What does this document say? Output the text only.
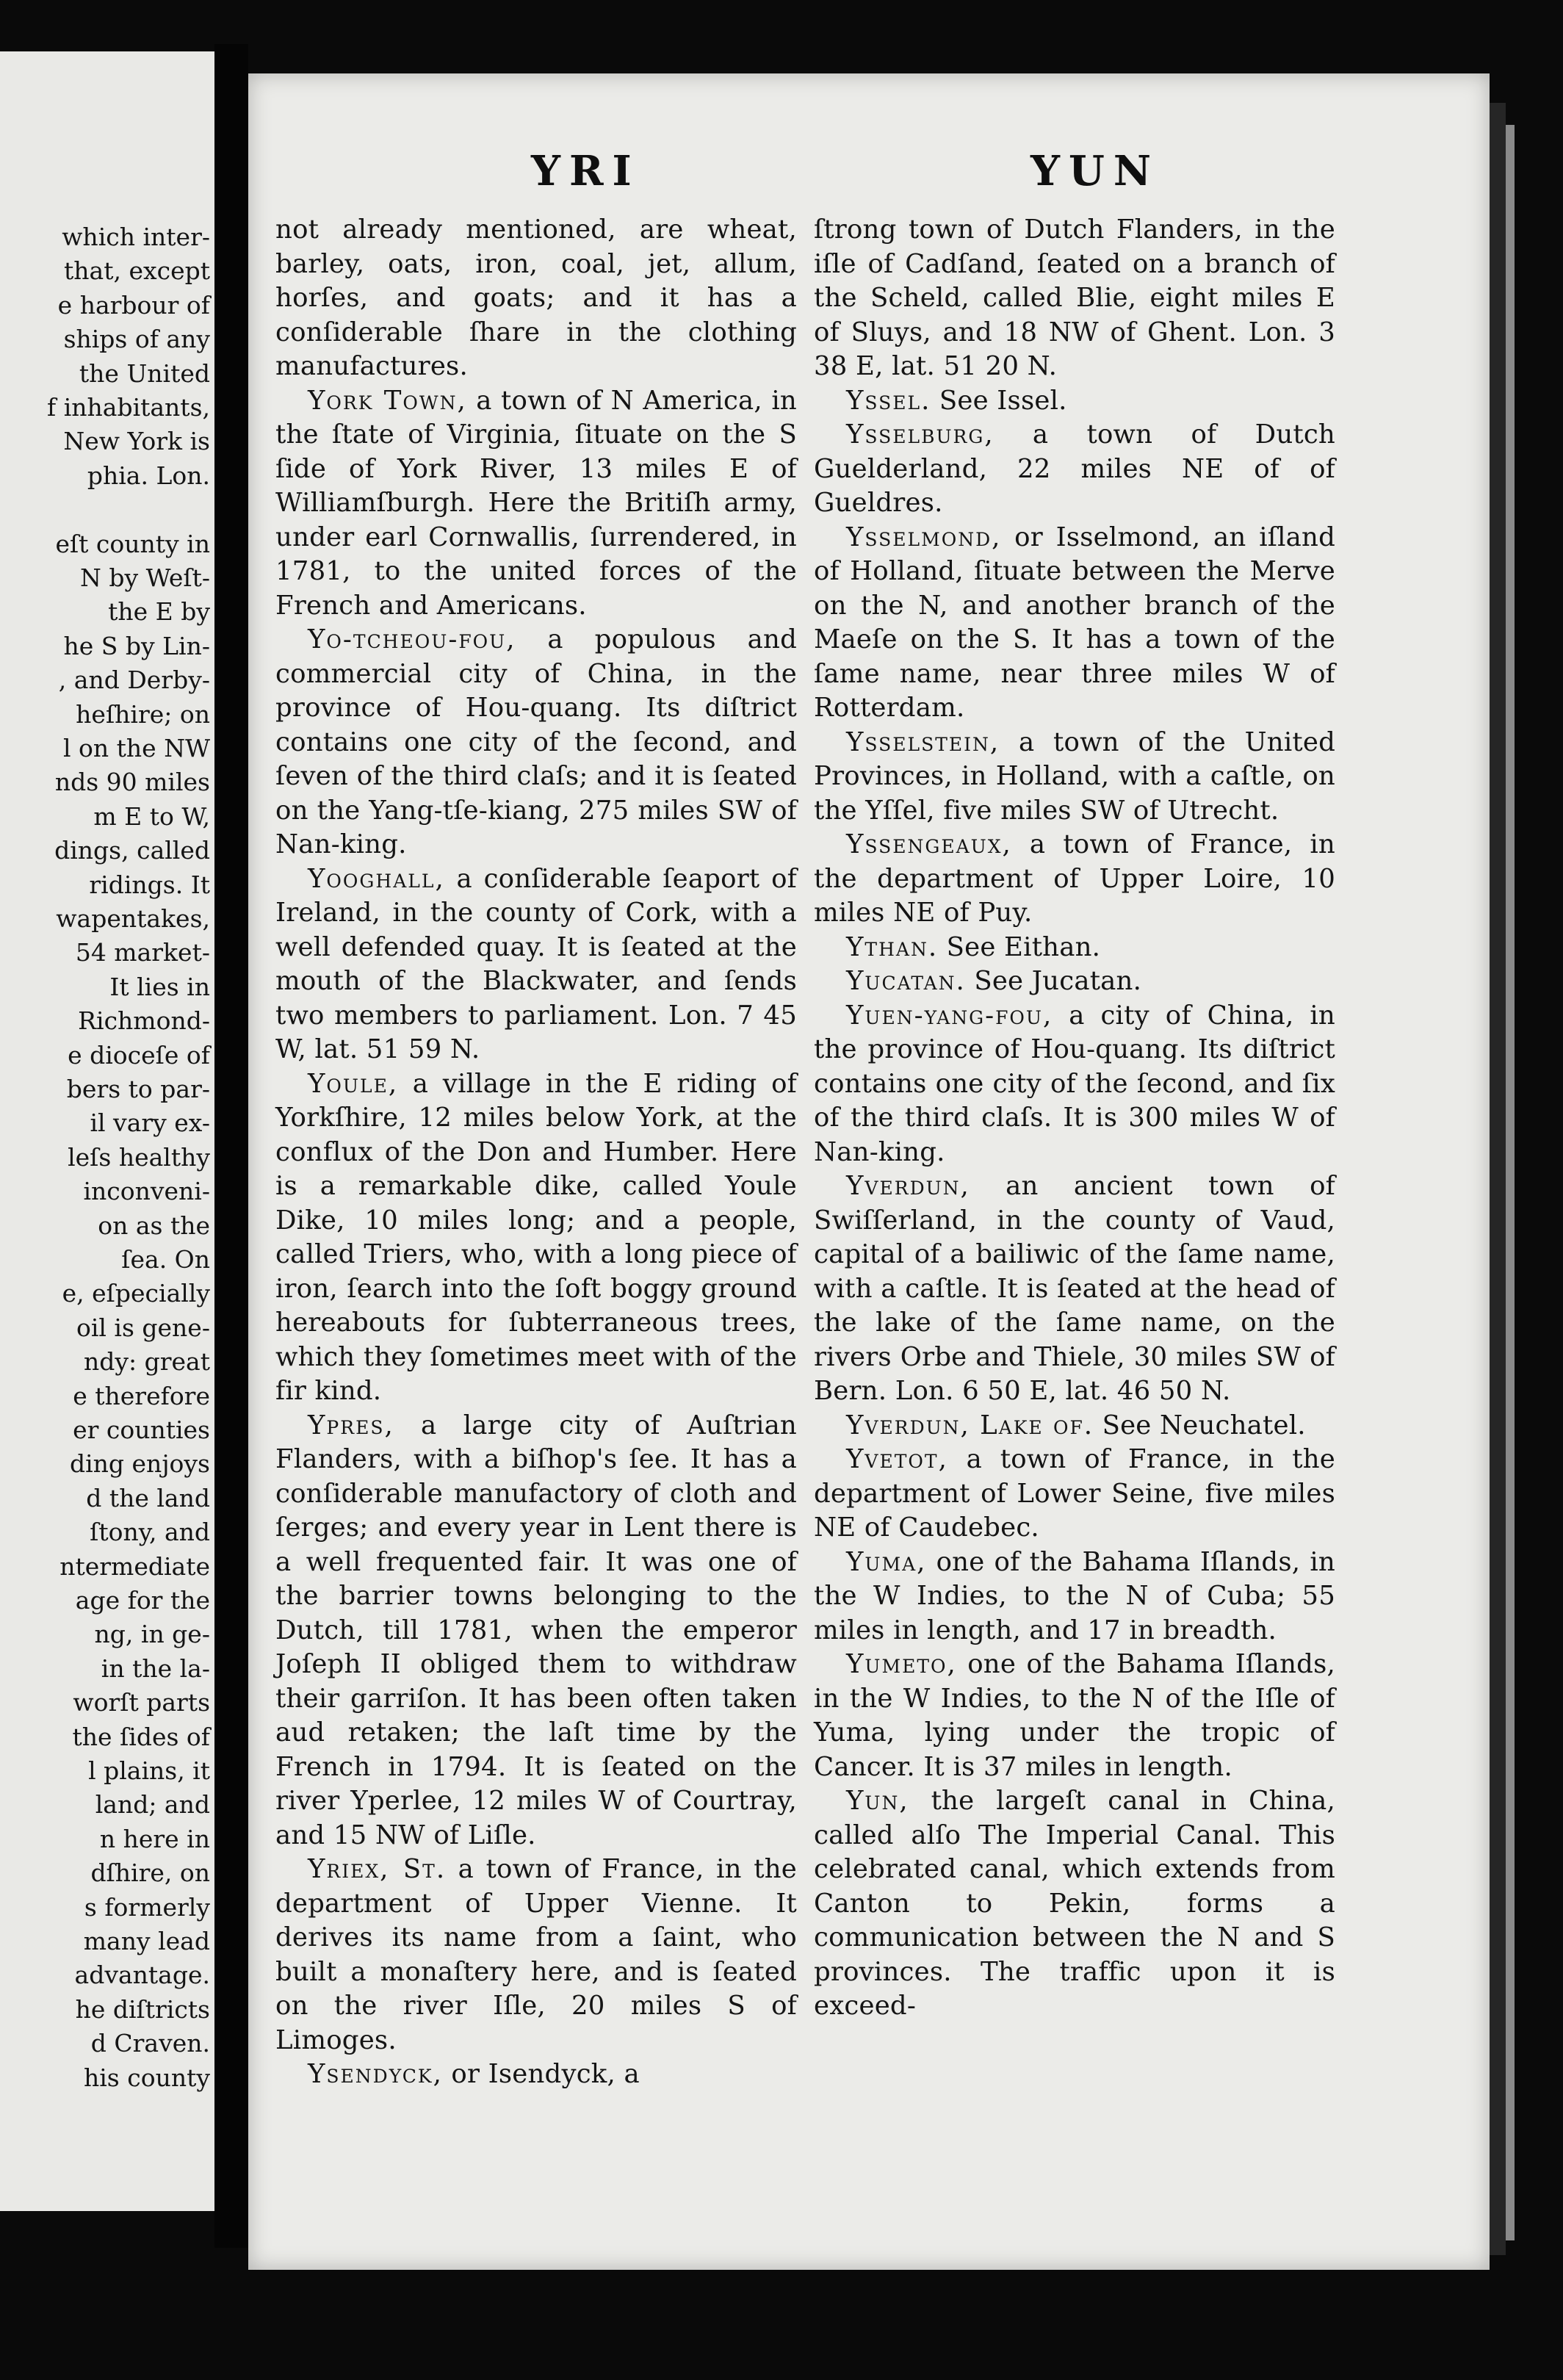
which inter-
that, except
e harbour of
ships of any
the United
f inhabitants,
New York is
phia. Lon.
eſt county in
N by Weſt-
the E by
he S by Lin-
, and Derby-
heſhire; on
l on the NW
nds 90 miles
m E to W,
dings, called
ridings. It
wapentakes,
54 market-
It lies in
Richmond-
e dioceſe of
bers to par-
il vary ex-
leſs healthy
inconveni-
on as the
ſea. On
e, eſpecially
oil is gene-
ndy: great
e therefore
er counties
ding enjoys
d the land
ſtony, and
ntermediate
age for the
ng, in ge-
in the la-
worſt parts
the ſides of
l plains, it
land; and
n here in
dſhire, on
s formerly
many lead
advantage.
he diſtricts
d Craven.
his county
YRI	YUN

not already mentioned, are wheat, barley, oats, iron, coal, jet, allum, horſes, and goats; and it has a conſiderable ſhare in the clothing manufactures.

York Town, a town of N America, in the ſtate of Virginia, ſituate on the S ſide of York River, 13 miles E of Williamſburgh. Here the Britiſh army, under earl Cornwallis, ſurrendered, in 1781, to the united forces of the French and Americans.

Yo-tcheou-fou, a populous and commercial city of China, in the province of Hou-quang. Its diſtrict contains one city of the ſecond, and ſeven of the third claſs; and it is ſeated on the Yang-tſe-kiang, 275 miles SW of Nan-king.

Yooghall, a conſiderable ſeaport of Ireland, in the county of Cork, with a well defended quay. It is ſeated at the mouth of the Blackwater, and ſends two members to parliament. Lon. 7 45 W, lat. 51 59 N.

Youle, a village in the E riding of Yorkſhire, 12 miles below York, at the conflux of the Don and Humber. Here is a remarkable dike, called Youle Dike, 10 miles long; and a people, called Triers, who, with a long piece of iron, ſearch into the ſoft boggy ground hereabouts for ſubterraneous trees, which they ſometimes meet with of the fir kind.

Ypres, a large city of Auſtrian Flanders, with a biſhop's ſee. It has a conſiderable manufactory of cloth and ſerges; and every year in Lent there is a well frequented fair. It was one of the barrier towns belonging to the Dutch, till 1781, when the emperor Joſeph II obliged them to withdraw their garriſon. It has been often taken aud retaken; the laſt time by the French in 1794. It is ſeated on the river Yperlee, 12 miles W of Courtray, and 15 NW of Liſle.

Yriex, St. a town of France, in the department of Upper Vienne. It derives its name from a ſaint, who built a monaſtery here, and is ſeated on the river Iſle, 20 miles S of Limoges.

Ysendyck, or Isendyck, a

ſtrong town of Dutch Flanders, in the iſle of Cadſand, ſeated on a branch of the Scheld, called Blie, eight miles E of Sluys, and 18 NW of Ghent. Lon. 3 38 E, lat. 51 20 N.

Yssel. See Issel.

Ysselburg, a town of Dutch Guelderland, 22 miles NE of of Gueldres.

Ysselmond, or Isselmond, an iſland of Holland, ſituate between the Merve on the N, and another branch of the Maeſe on the S. It has a town of the ſame name, near three miles W of Rotterdam.

Ysselstein, a town of the United Provinces, in Holland, with a caſtle, on the Yſſel, five miles SW of Utrecht.

Yssengeaux, a town of France, in the department of Upper Loire, 10 miles NE of Puy.

Ythan. See Eithan.

Yucatan. See Jucatan.

Yuen-yang-fou, a city of China, in the province of Hou-quang. Its diſtrict contains one city of the ſecond, and ſix of the third claſs. It is 300 miles W of Nan-king.

Yverdun, an ancient town of Swiſſerland, in the county of Vaud, capital of a bailiwic of the ſame name, with a caſtle. It is ſeated at the head of the lake of the ſame name, on the rivers Orbe and Thiele, 30 miles SW of Bern. Lon. 6 50 E, lat. 46 50 N.

Yverdun, Lake of. See Neuchatel.

Yvetot, a town of France, in the department of Lower Seine, five miles NE of Caudebec.

Yuma, one of the Bahama Iſlands, in the W Indies, to the N of Cuba; 55 miles in length, and 17 in breadth.

Yumeto, one of the Bahama Iſlands, in the W Indies, to the N of the Iſle of Yuma, lying under the tropic of Cancer. It is 37 miles in length.

Yun, the largeſt canal in China, called alſo The Imperial Canal. This celebrated canal, which extends from Canton to Pekin, forms a communication between the N and S provinces. The traffic upon it is exceed-
